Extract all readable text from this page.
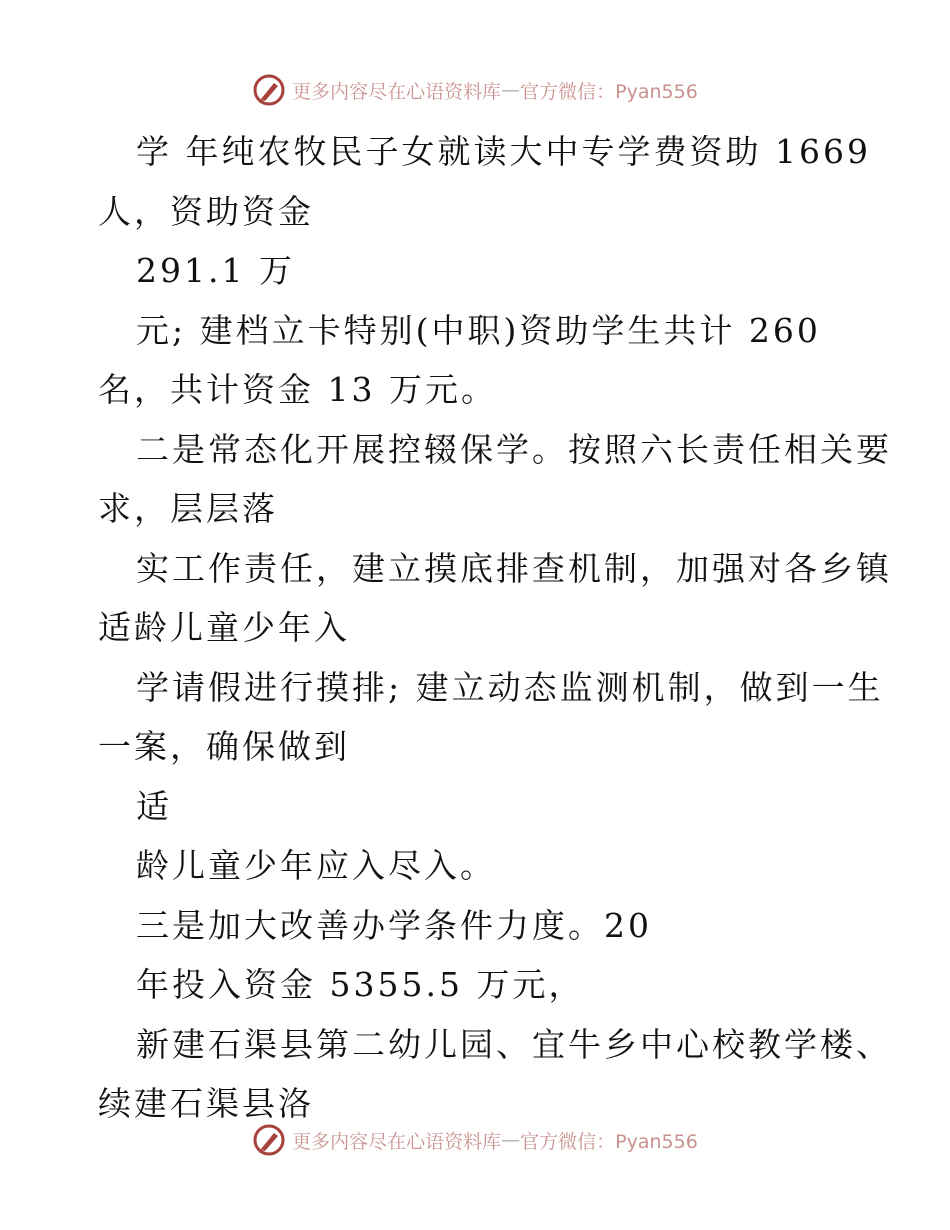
更多内容尽在心语资料库 — 官方微信：Pyan556
学 年纯农牧民子女就读大中专学费资助 1669
人，资助资金
291.1 万
元; 建档立卡特别(中职)资助学生共计 260
名，共计资金 13 万元。
二是常态化开展控辍保学。按照六长责任相关要
求，层层落
实工作责任，建立摸底排查机制，加强对各乡镇
适龄儿童少年入
学请假进行摸排; 建立动态监测机制，做到一生
一案，确保做到
适
龄儿童少年应入尽入。
三是加大改善办学条件力度。20
年投入资金 5355.5 万元，
新建石渠县第二幼儿园、宜牛乡中心校教学楼、
续建石渠县洛
更多内容尽在心语资料库 — 官方微信：Pyan556
